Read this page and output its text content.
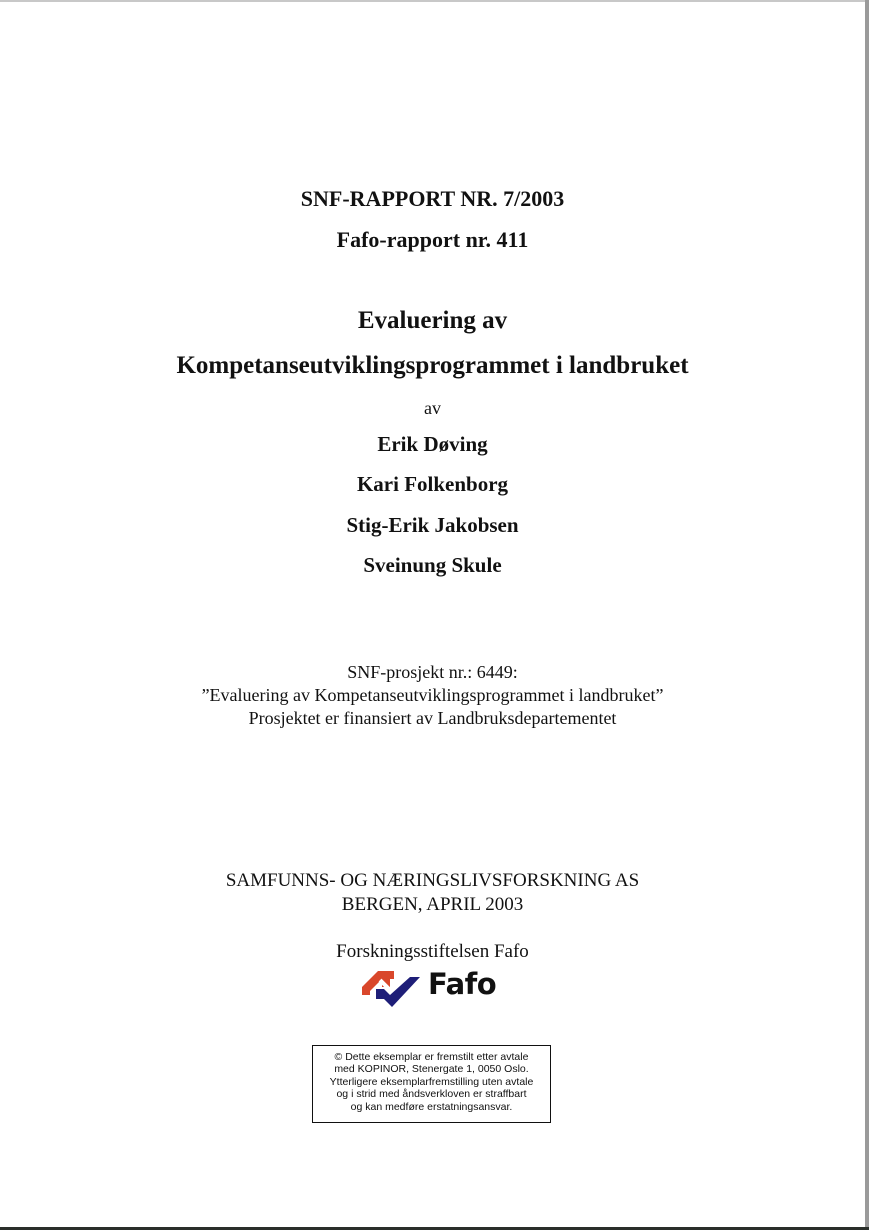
SNF-RAPPORT NR. 7/2003
Fafo-rapport nr. 411
Evaluering av
Kompetanseutviklingsprogrammet i landbruket
av
Erik Døving
Kari Folkenborg
Stig-Erik Jakobsen
Sveinung Skule
SNF-prosjekt nr.: 6449:
”Evaluering av Kompetanseutviklingsprogrammet i landbruket”
Prosjektet er finansiert av Landbruksdepartementet
SAMFUNNS- OG NÆRINGSLIVSFORSKNING AS
BERGEN, APRIL 2003
Forskningsstiftelsen Fafo
Fafo
© Dette eksemplar er fremstilt etter avtale
med KOPINOR, Stenergate 1, 0050 Oslo.
Ytterligere eksemplarfremstilling uten avtale
og i strid med åndsverkloven er straffbart
og kan medføre erstatningsansvar.
